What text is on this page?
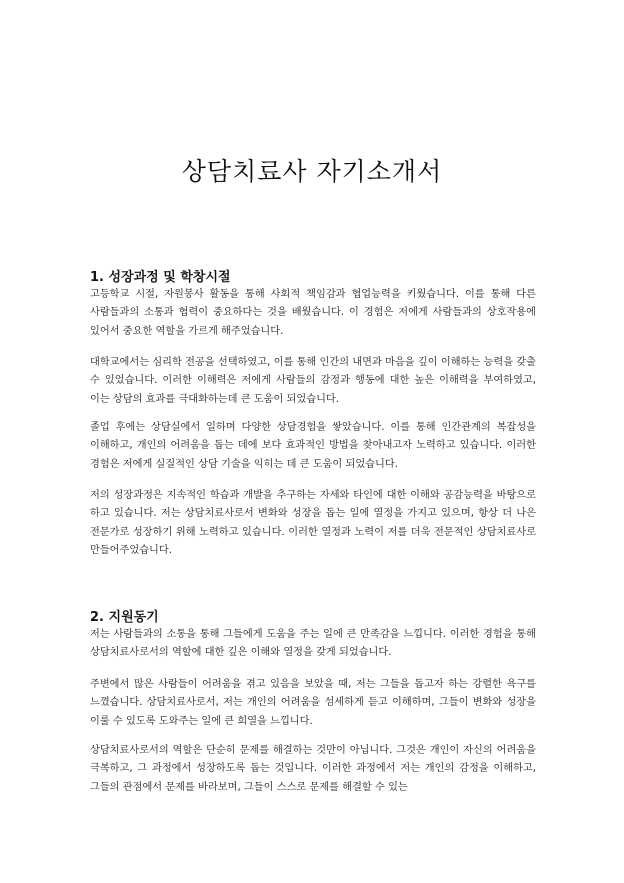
상담치료사 자기소개서
1. 성장과정 및 학창시절

고등학교 시절, 자원봉사 활동을 통해 사회적 책임감과 협업능력을 키웠습니다. 이를 통해 다른 사람들과의 소통과 협력이 중요하다는 것을 배웠습니다. 이 경험은 저에게 사람들과의 상호작용에 있어서 중요한 역할을 가르게 해주었습니다.

대학교에서는 심리학 전공을 선택하였고, 이를 통해 인간의 내면과 마음을 깊이 이해하는 능력을 갖출 수 있었습니다. 이러한 이해력은 저에게 사람들의 감정과 행동에 대한 높은 이해력을 부여하였고, 이는 상담의 효과를 극대화하는데 큰 도움이 되었습니다.

졸업 후에는 상담실에서 일하며 다양한 상담경험을 쌓았습니다. 이를 통해 인간관계의 복잡성을 이해하고, 개인의 어려움을 돕는 데에 보다 효과적인 방법을 찾아내고자 노력하고 있습니다. 이러한 경험은 저에게 실질적인 상담 기술을 익히는 데 큰 도움이 되었습니다.

저의 성장과정은 지속적인 학습과 개발을 추구하는 자세와 타인에 대한 이해와 공감능력을 바탕으로 하고 있습니다. 저는 상담치료사로서 변화와 성장을 돕는 일에 열정을 가지고 있으며, 항상 더 나은 전문가로 성장하기 위해 노력하고 있습니다. 이러한 열정과 노력이 저를 더욱 전문적인 상담치료사로 만들어주었습니다.

2. 지원동기

저는 사람들과의 소통을 통해 그들에게 도움을 주는 일에 큰 만족감을 느낍니다. 이러한 경험을 통해 상담치료사로서의 역할에 대한 깊은 이해와 열정을 갖게 되었습니다.

주변에서 많은 사람들이 어려움을 겪고 있음을 보았을 때, 저는 그들을 돕고자 하는 강렬한 욕구를 느꼈습니다. 상담치료사로서, 저는 개인의 어려움을 섬세하게 듣고 이해하며, 그들이 변화와 성장을 이룰 수 있도록 도와주는 일에 큰 희열을 느낍니다.

상담치료사로서의 역할은 단순히 문제를 해결하는 것만이 아닙니다. 그것은 개인이 자신의 어려움을 극복하고, 그 과정에서 성장하도록 돕는 것입니다. 이러한 과정에서 저는 개인의 감정을 이해하고, 그들의 관점에서 문제를 바라보며, 그들이 스스로 문제를 해결할 수 있는
